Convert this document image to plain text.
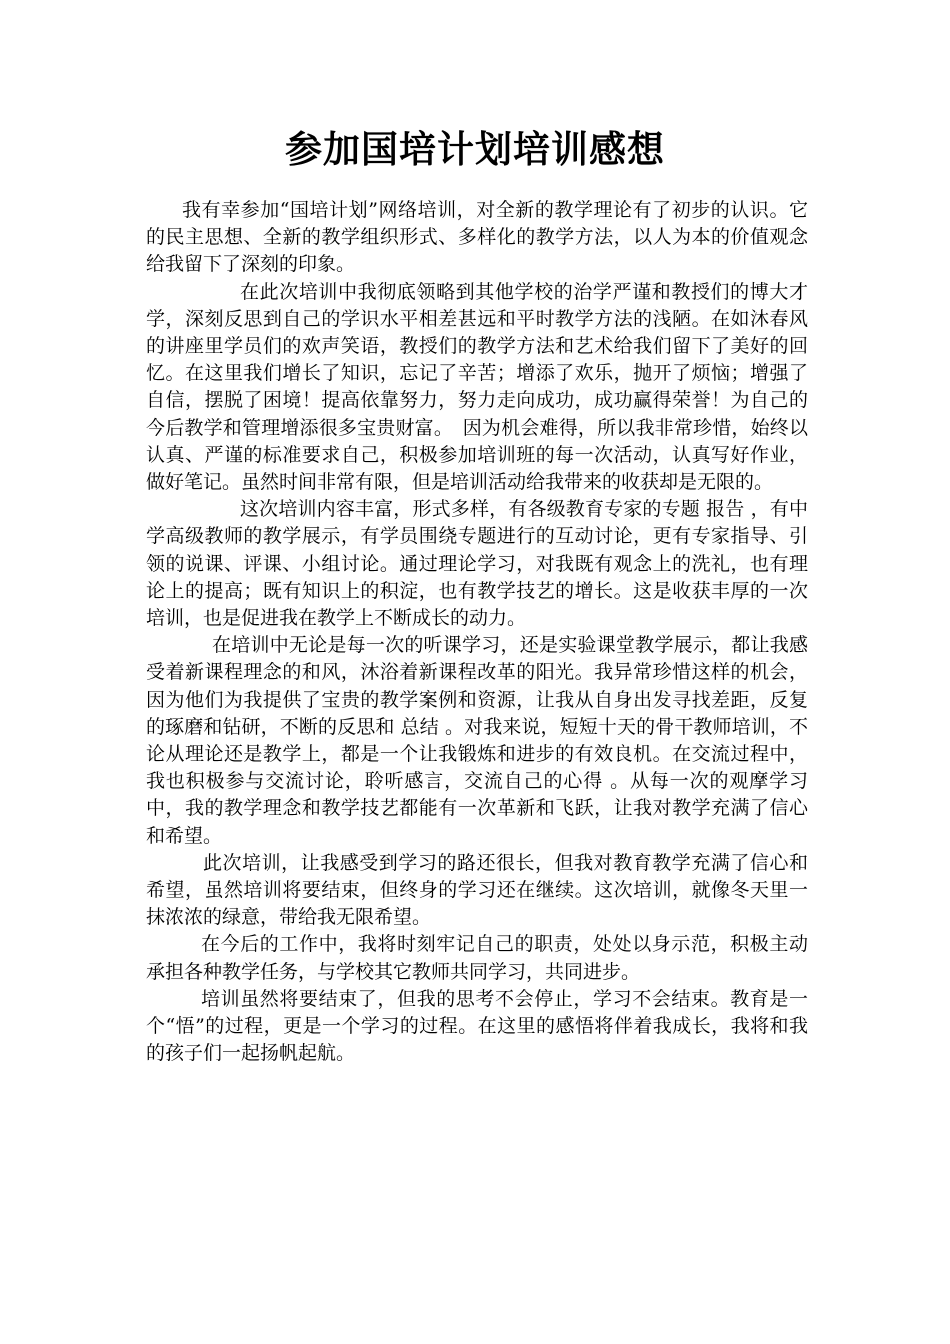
参加国培计划培训感想

我有幸参加“国培计划”网络培训，对全新的教学理论有了初步的认识。它的民主思想、全新的教学组织形式、多样化的教学方法，以人为本的价值观念给我留下了深刻的印象。

在此次培训中我彻底领略到其他学校的治学严谨和教授们的博大才学，深刻反思到自己的学识水平相差甚远和平时教学方法的浅陋。在如沐春风的讲座里学员们的欢声笑语，教授们的教学方法和艺术给我们留下了美好的回忆。在这里我们增长了知识，忘记了辛苦；增添了欢乐，抛开了烦恼；增强了自信，摆脱了困境！提高依靠努力，努力走向成功，成功赢得荣誉！为自己的今后教学和管理增添很多宝贵财富。　因为机会难得，所以我非常珍惜，始终以认真、严谨的标准要求自己，积极参加培训班的每一次活动，认真写好作业，做好笔记。虽然时间非常有限，但是培训活动给我带来的收获却是无限的。

这次培训内容丰富，形式多样，有各级教育专家的专题 报告 ，有中学高级教师的教学展示，有学员围绕专题进行的互动讨论，更有专家指导、引领的说课、评课、小组讨论。通过理论学习，对我既有观念上的洗礼，也有理论上的提高；既有知识上的积淀，也有教学技艺的增长。这是收获丰厚的一次培训，也是促进我在教学上不断成长的动力。

在培训中无论是每一次的听课学习，还是实验课堂教学展示，都让我感受着新课程理念的和风，沐浴着新课程改革的阳光。我异常珍惜这样的机会，因为他们为我提供了宝贵的教学案例和资源，让我从自身出发寻找差距，反复的琢磨和钻研，不断的反思和 总结 。对我来说，短短十天的骨干教师培训，不论从理论还是教学上，都是一个让我锻炼和进步的有效良机。在交流过程中，我也积极参与交流讨论，聆听感言，交流自己的心得 。从每一次的观摩学习中，我的教学理念和教学技艺都能有一次革新和飞跃，让我对教学充满了信心和希望。

此次培训，让我感受到学习的路还很长，但我对教育教学充满了信心和希望，虽然培训将要结束，但终身的学习还在继续。这次培训，就像冬天里一抹浓浓的绿意，带给我无限希望。

在今后的工作中，我将时刻牢记自己的职责，处处以身示范，积极主动承担各种教学任务，与学校其它教师共同学习，共同进步。

培训虽然将要结束了，但我的思考不会停止，学习不会结束。教育是一个“悟”的过程，更是一个学习的过程。在这里的感悟将伴着我成长，我将和我的孩子们一起扬帆起航。
